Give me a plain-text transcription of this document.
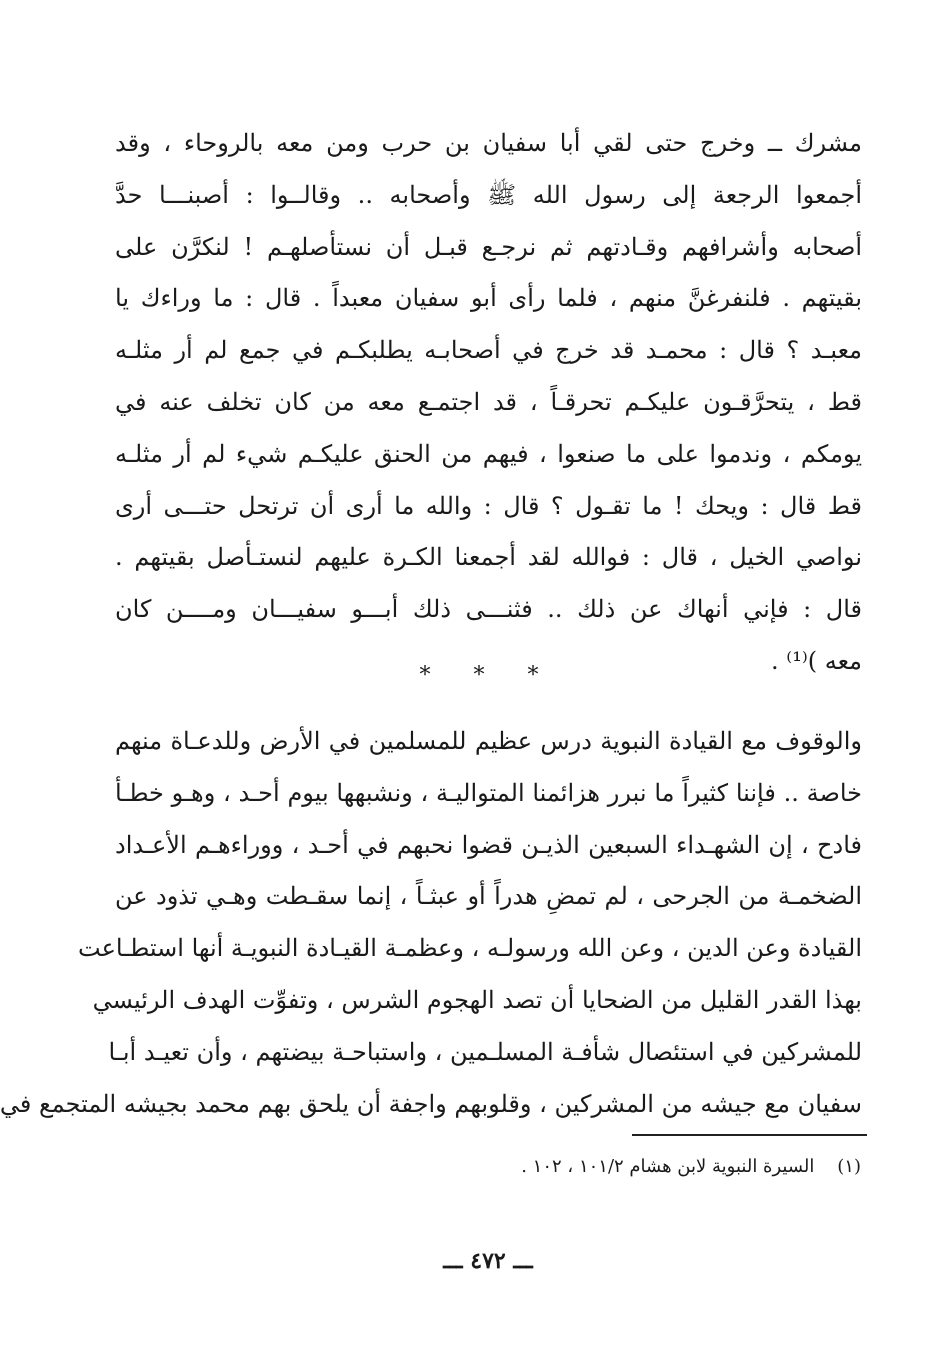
مشرك ــ وخرج حتى لقي أبا سفيان بن حرب ومن معه بالروحاء ، وقد
أجمعوا الرجعة إلى رسول الله ﷺ وأصحابه .. وقالــوا : أصبنـــا حدَّ
أصحابه وأشرافهم وقـادتهم ثم نرجـع قبـل أن نستأصلهـم ! لنكرَّن على
بقيتهم . فلنفرغنَّ منهم ، فلما رأى أبو سفيان معبداً . قال : ما وراءك يا
معبـد ؟ قال : محمـد قد خرج في أصحابـه يطلبكـم في جمع لم أر مثلـه
قط ، يتحرَّقـون عليكـم تحرقـاً ، قد اجتمـع معه من كان تخلف عنه في
يومكم ، وندموا على ما صنعوا ، فيهم من الحنق عليكـم شيء لم أر مثلـه
قط قال : ويحك ! ما تقـول ؟ قال : والله ما أرى أن ترتحل حتـــى أرى
نواصي الخيل ، قال : فوالله لقد أجمعنا الكـرة عليهم لنستـأصل بقيتهم .
قال : فإني أنهاك عن ذلك .. فثنـــى ذلك أبـــو سفيـــان ومــــن كان
معه )⁽¹⁾ .
* * *
والوقوف مع القيادة النبوية درس عظيم للمسلمين في الأرض وللدعـاة منهم
خاصة .. فإننا كثيراً ما نبرر هزائمنا المتواليـة ، ونشبهها بيوم أحـد ، وهـو خطـأ
فادح ، إن الشهـداء السبعين الذيـن قضوا نحبهم في أحـد ، ووراءهـم الأعـداد
الضخمـة من الجرحى ، لم تمضِ هدراً أو عبثـاً ، إنما سقـطت وهـي تذود عن
القيادة وعن الدين ، وعن الله ورسولـه ، وعظمـة القيـادة النبويـة أنها استطـاعت
بهذا القدر القليل من الضحايا أن تصد الهجوم الشرس ، وتفوِّت الهدف الرئيسي
للمشركين في استئصال شأفـة المسلـمين ، واستباحـة بيضتهم ، وأن تعيـد أبـا
سفيان مع جيشه من المشركين ، وقلوبهم واجفة أن يلحق بهم محمد بجيشه المتجمع في
(١)    السيرة النبوية لابن هشام ١٠١/٢ ، ١٠٢ .
ـــ ٤٧٢ ـــ
